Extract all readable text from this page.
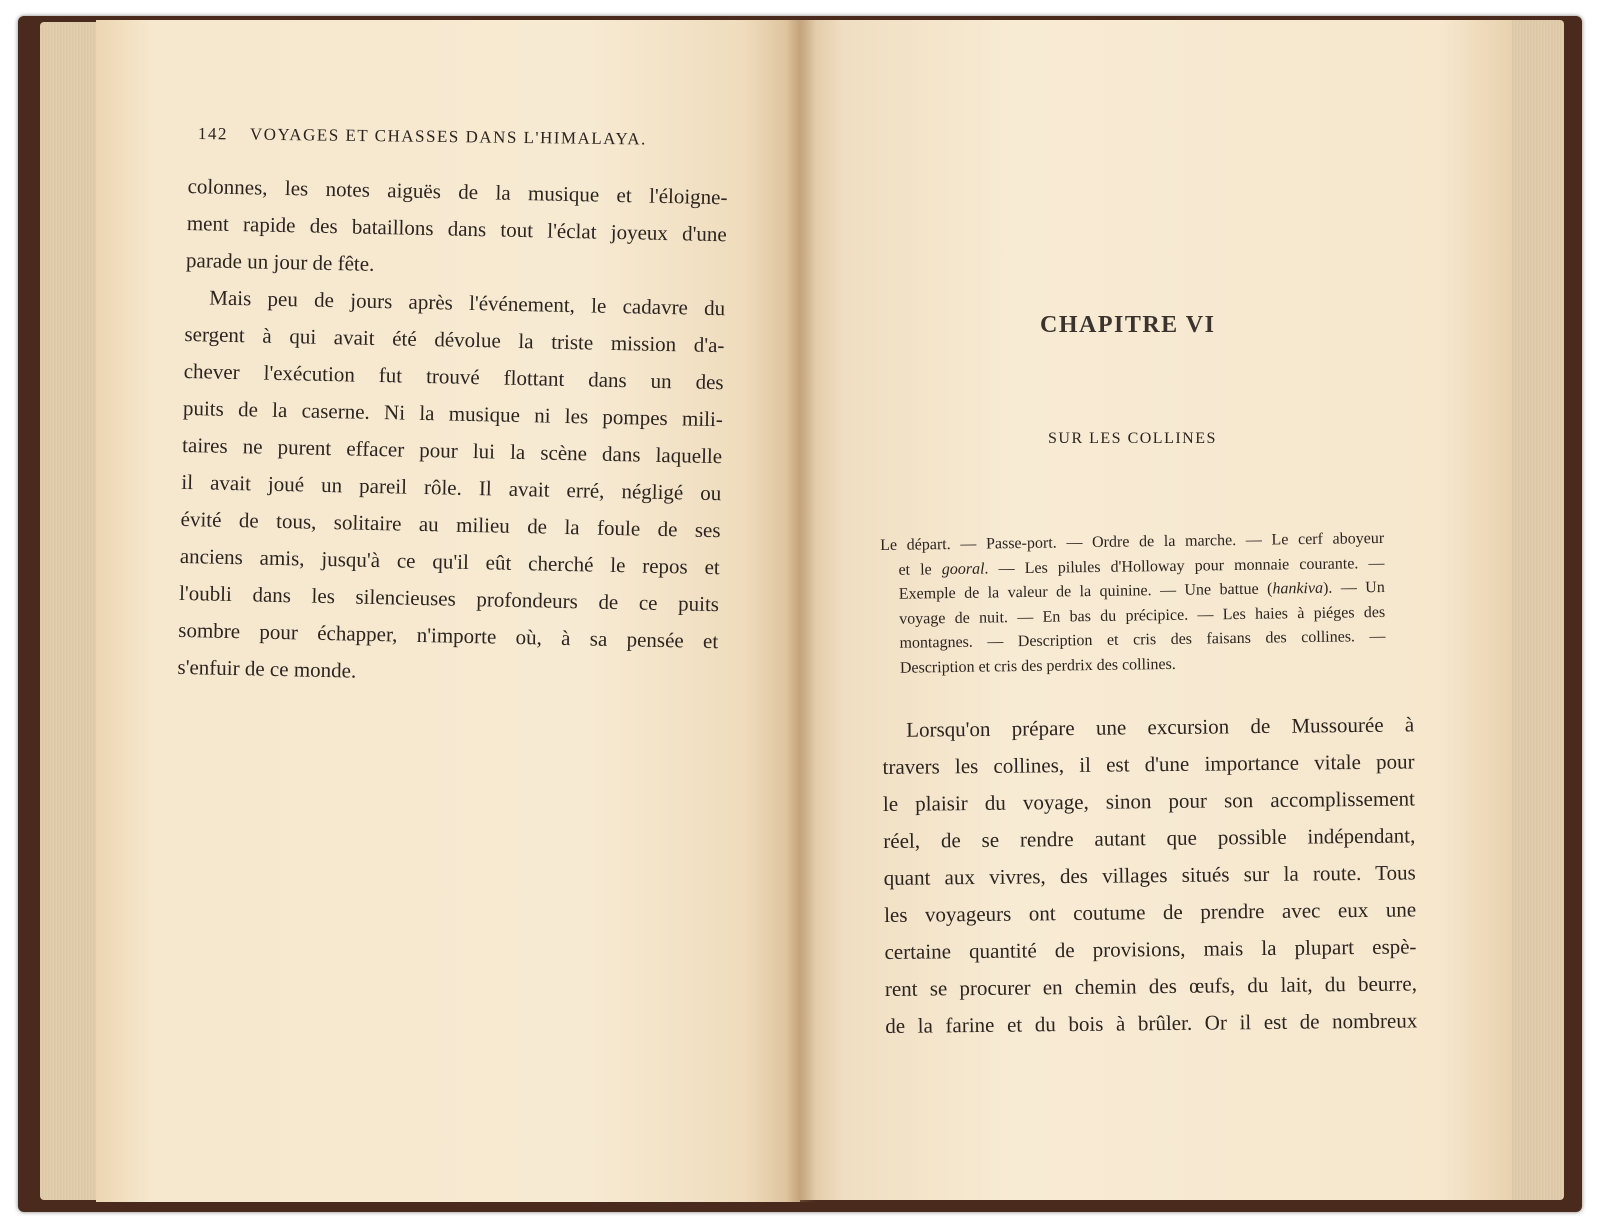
142 VOYAGES ET CHASSES DANS L'HIMALAYA.
colonnes, les notes aiguës de la musique et l'éloigne-
ment rapide des bataillons dans tout l'éclat joyeux d'une
parade un jour de fête.
Mais peu de jours après l'événement, le cadavre du
sergent à qui avait été dévolue la triste mission d'a-
chever l'exécution fut trouvé flottant dans un des
puits de la caserne. Ni la musique ni les pompes mili-
taires ne purent effacer pour lui la scène dans laquelle
il avait joué un pareil rôle. Il avait erré, négligé ou
évité de tous, solitaire au milieu de la foule de ses
anciens amis, jusqu'à ce qu'il eût cherché le repos et
l'oubli dans les silencieuses profondeurs de ce puits
sombre pour échapper, n'importe où, à sa pensée et
s'enfuir de ce monde.
CHAPITRE VI
SUR LES COLLINES
Le départ. — Passe-port. — Ordre de la marche. — Le cerf aboyeur
et le gooral. — Les pilules d'Holloway pour monnaie courante. —
Exemple de la valeur de la quinine. — Une battue (hankiva). — Un
voyage de nuit. — En bas du précipice. — Les haies à piéges des
montagnes. — Description et cris des faisans des collines. —
Description et cris des perdrix des collines.
Lorsqu'on prépare une excursion de Mussourée à
travers les collines, il est d'une importance vitale pour
le plaisir du voyage, sinon pour son accomplissement
réel, de se rendre autant que possible indépendant,
quant aux vivres, des villages situés sur la route. Tous
les voyageurs ont coutume de prendre avec eux une
certaine quantité de provisions, mais la plupart espè-
rent se procurer en chemin des œufs, du lait, du beurre,
de la farine et du bois à brûler. Or il est de nombreux
